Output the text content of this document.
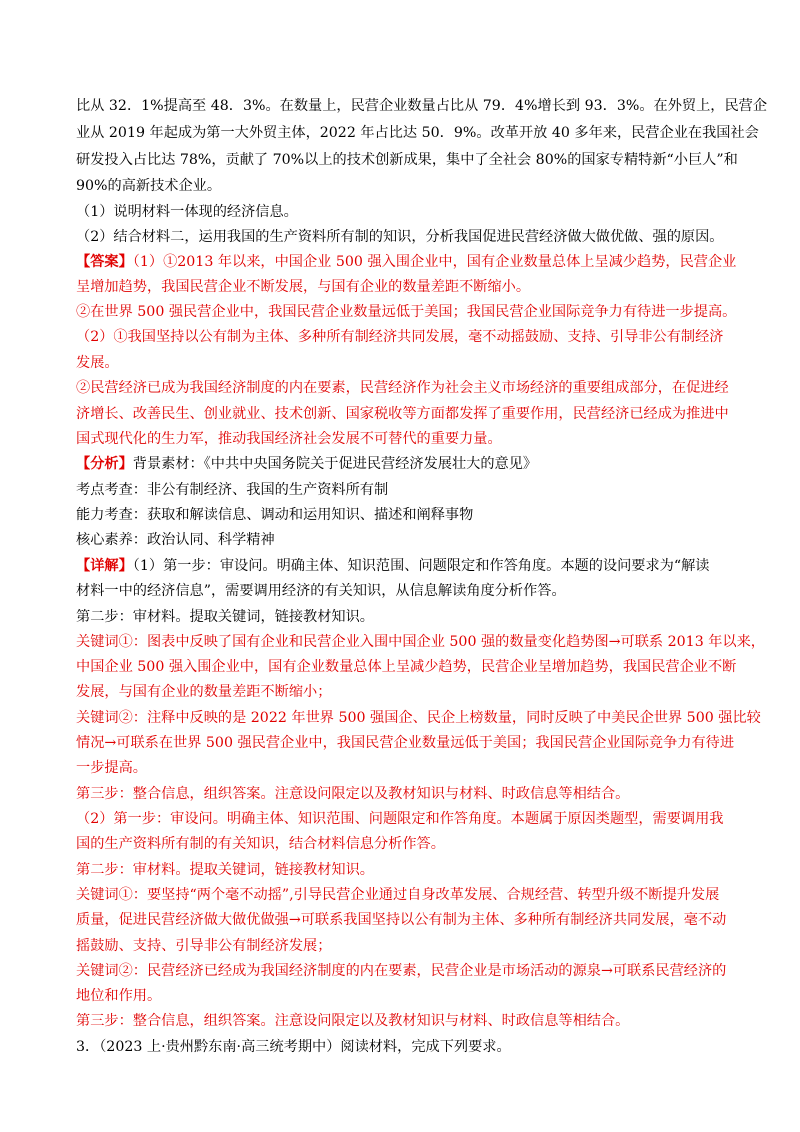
比从 32．1%提高至 48．3%。在数量上，民营企业数量占比从 79．4%增长到 93．3%。在外贸上，民营企
业从 2019 年起成为第一大外贸主体，2022 年占比达 50．9%。改革开放 40 多年来，民营企业在我国社会
研发投入占比达 78%，贡献了 70%以上的技术创新成果，集中了全社会 80%的国家专精特新“小巨人”和
90%的高新技术企业。
（1）说明材料一体现的经济信息。
（2）结合材料二，运用我国的生产资料所有制的知识，分析我国促进民营经济做大做优做、强的原因。
【答案】（1）①2013 年以来，中国企业 500 强入围企业中，国有企业数量总体上呈减少趋势，民营企业
呈增加趋势，我国民营企业不断发展，与国有企业的数量差距不断缩小。
②在世界 500 强民营企业中，我国民营企业数量远低于美国；我国民营企业国际竞争力有待进一步提高。
（2）①我国坚持以公有制为主体、多种所有制经济共同发展，毫不动摇鼓励、支持、引导非公有制经济
发展。
②民营经济已成为我国经济制度的内在要素，民营经济作为社会主义市场经济的重要组成部分，在促进经
济增长、改善民生、创业就业、技术创新、国家税收等方面都发挥了重要作用，民营经济已经成为推进中
国式现代化的生力军，推动我国经济社会发展不可替代的重要力量。
【分析】背景素材：《中共中央国务院关于促进民营经济发展壮大的意见》
考点考查：非公有制经济、我国的生产资料所有制
能力考查：获取和解读信息、调动和运用知识、描述和阐释事物
核心素养：政治认同、科学精神
【详解】（1）第一步：审设问。明确主体、知识范围、问题限定和作答角度。本题的设问要求为“解读
材料一中的经济信息”，需要调用经济的有关知识，从信息解读角度分析作答。
第二步：审材料。提取关键词，链接教材知识。
关键词①：图表中反映了国有企业和民营企业入围中国企业 500 强的数量变化趋势图→可联系 2013 年以来，
中国企业 500 强入围企业中，国有企业数量总体上呈减少趋势，民营企业呈增加趋势，我国民营企业不断
发展，与国有企业的数量差距不断缩小；
关键词②：注释中反映的是 2022 年世界 500 强国企、民企上榜数量，同时反映了中美民企世界 500 强比较
情况→可联系在世界 500 强民营企业中，我国民营企业数量远低于美国；我国民营企业国际竞争力有待进
一步提高。
第三步：整合信息，组织答案。注意设问限定以及教材知识与材料、时政信息等相结合。
（2）第一步：审设问。明确主体、知识范围、问题限定和作答角度。本题属于原因类题型，需要调用我
国的生产资料所有制的有关知识，结合材料信息分析作答。
第二步：审材料。提取关键词，链接教材知识。
关键词①：要坚持“两个毫不动摇”,引导民营企业通过自身改革发展、合规经营、转型升级不断提升发展
质量，促进民营经济做大做优做强→可联系我国坚持以公有制为主体、多种所有制经济共同发展，毫不动
摇鼓励、支持、引导非公有制经济发展；
关键词②：民营经济已经成为我国经济制度的内在要素，民营企业是市场活动的源泉→可联系民营经济的
地位和作用。
第三步：整合信息，组织答案。注意设问限定以及教材知识与材料、时政信息等相结合。
3．（2023 上·贵州黔东南·高三统考期中）阅读材料，完成下列要求。
